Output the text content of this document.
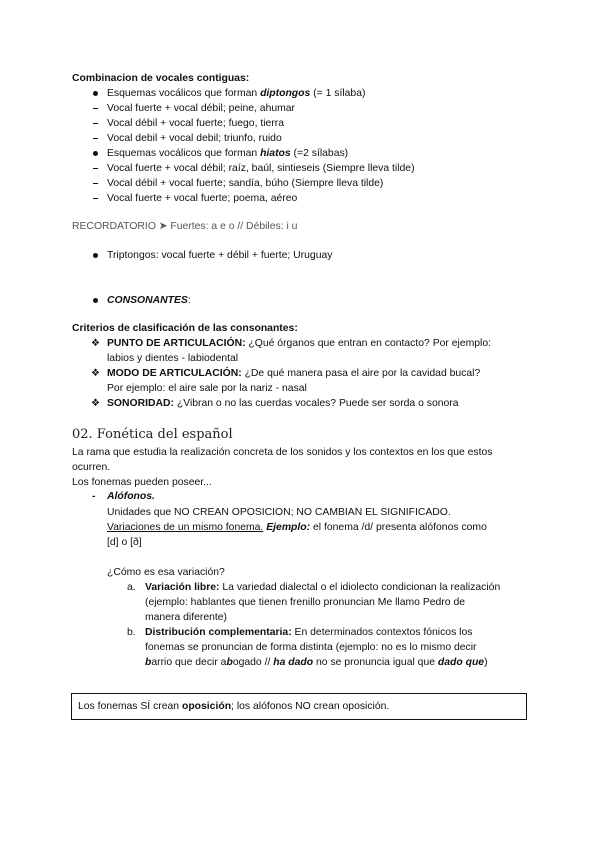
Combinacion de vocales contiguas:
Esquemas vocálicos que forman diptongos (= 1 sílaba)
Vocal fuerte + vocal débil; peine, ahumar
Vocal débil + vocal fuerte; fuego, tierra
Vocal debil + vocal debil; triunfo, ruido
Esquemas vocálicos que forman hiatos (=2 sílabas)
Vocal fuerte + vocal débil; raíz, baúl, sintieseis (Siempre lleva tilde)
Vocal débil + vocal fuerte; sandía, búho (Siempre lleva tilde)
Vocal fuerte + vocal fuerte; poema, aéreo
RECORDATORIO ➤ Fuertes: a e o // Débiles: i u
Triptongos: vocal fuerte + débil + fuerte; Uruguay
CONSONANTES:
Criterios de clasificación de las consonantes:
❖ PUNTO DE ARTICULACIÓN: ¿Qué órganos que entran en contacto? Por ejemplo:
labios y dientes - labiodental
❖ MODO DE ARTICULACIÓN: ¿De qué manera pasa el aire por la cavidad bucal?
Por ejemplo: el aire sale por la nariz - nasal
❖ SONORIDAD: ¿Vibran o no las cuerdas vocales? Puede ser sorda o sonora
02. Fonética del español
La rama que estudia la realización concreta de los sonidos y los contextos en los que estos
ocurren.
Los fonemas pueden poseer...
- Alófonos.
Unidades que NO CREAN OPOSICION; NO CAMBIAN EL SIGNIFICADO.
Variaciones de un mismo fonema. Ejemplo: el fonema /d/ presenta alófonos como
[d] o [ð]
¿Cómo es esa variación?
a. Variación libre: La variedad dialectal o el idiolecto condicionan la realización
(ejemplo: hablantes que tienen frenillo pronuncian Me llamo Pedro de
manera diferente)
b. Distribución complementaria: En determinados contextos fónicos los
fonemas se pronuncian de forma distinta (ejemplo: no es lo mismo decir
barrio que decir abogado // ha dado no se pronuncia igual que dado que)
Los fonemas SÍ crean oposición; los alófonos NO crean oposición.
